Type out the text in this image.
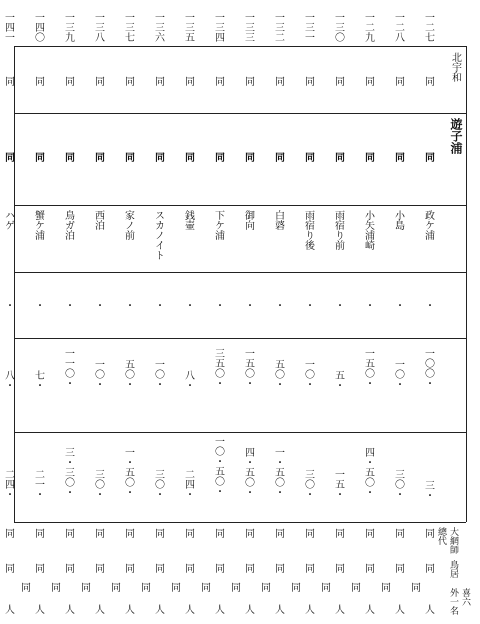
北宇和
遊子浦
大網師
總代
鳥居
喜六
外一名
一二七
同
同
政ケ浦
・
一〇〇・
三・
同
同
人
同
一二八
同
同
小島
・
一〇・
三〇・
同
同
人
同
一二九
同
同
小矢浦崎
・
一五〇・
四・五〇・
同
同
人
同
一三〇
同
同
雨宿り前
・
五・
一五・
同
同
人
同
一三一
同
同
雨宿り後
・
一〇・
三〇・
同
同
人
同
一三二
同
同
白碆
・
五〇・
一・五〇・
同
同
人
同
一三三
同
同
御向
・
一五〇・
四・五〇・
同
同
人
同
一三四
同
同
下ケ浦
・
三五〇・
一〇・五〇・
同
同
人
同
一三五
同
同
銭壷
・
八・
二四・
同
同
人
同
一三六
同
同
スカノイト
・
一〇・
三〇・
同
同
人
同
一三七
同
同
家ノ前
・
五〇・
一・五〇・
同
同
人
同
一三八
同
同
西泊
・
一〇・
三〇・
同
同
人
同
一三九
同
同
鳥ガ泊
・
一一〇・
三・三〇・
同
同
人
同
一四〇
同
同
蟹ケ浦
・
七・
二一・
同
同
人
同
一四一
同
同
ハゲ
・
八・
二四・
同
同
人
